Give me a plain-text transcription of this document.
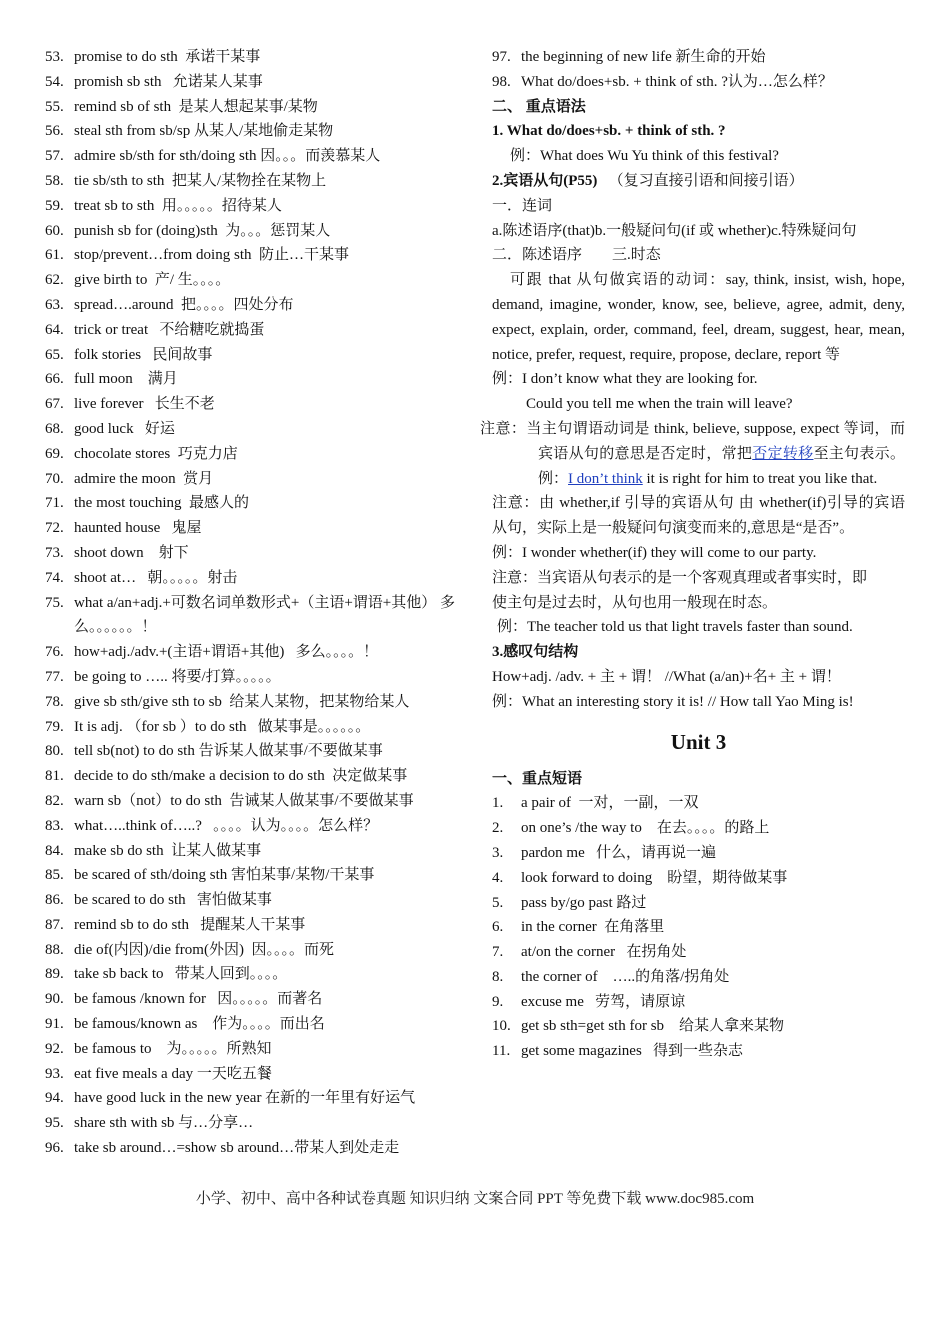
53. promise to do sth  承诺干某事
54. promish sb sth   允诺某人某事
55. remind sb of sth  是某人想起某事/某物
56. steal sth from sb/sp 从某人/某地偷走某物
57. admire sb/sth for sth/doing sth 因。。。而羡慕某人
58. tie sb/sth to sth  把某人/某物拴在某物上
59. treat sb to sth  用。。。。。招待某人
60. punish sb for (doing)sth  为。。。惩罚某人
61. stop/prevent…from doing sth  防止…干某事
62. give birth to  产/ 生。。。。
63. spread….around  把。。。。四处分布
64. trick or treat   不给糖吃就捣蛋
65. folk stories   民间故事
66. full moon    满月
67. live forever   长生不老
68. good luck   好运
69. chocolate stores  巧克力店
70. admire the moon  赏月
71. the most touching  最感人的
72. haunted house   鬼屋
73. shoot down    射下
74. shoot at…   朝。。。。。射击
75. what a/an+adj.+可数名词单数形式+（主语+谓语+其他） 多么。。。。。。！
76. how+adj./adv.+(主语+谓语+其他)   多么。。。。！
77. be going to ….. 将要/打算。。。。。
78. give sb sth/give sth to sb  给某人某物，把某物给某人
79. It is adj. （for sb ）to do sth   做某事是。。。。。。
80. tell sb(not) to do sth 告诉某人做某事/不要做某事
81. decide to do sth/make a decision to do sth  决定做某事
82. warn sb（not）to do sth  告诫某人做某事/不要做某事
83. what…..think of…..?   。。。。认为。。。。怎么样？
84. make sb do sth  让某人做某事
85. be scared of sth/doing sth 害怕某事/某物/干某事
86. be scared to do sth   害怕做某事
87. remind sb to do sth   提醒某人干某事
88. die of(内因)/die from(外因)  因。。。。而死
89. take sb back to   带某人回到。。。。
90. be famous /known for   因。。。。。而著名
91. be famous/known as    作为。。。。而出名
92. be famous to    为。。。。。所熟知
93. eat five meals a day 一天吃五餐
94. have good luck in the new year 在新的一年里有好运气
95. share sth with sb 与…分享…
96. take sb around…=show sb around…带某人到处走走
97. the beginning of new life 新生命的开始
98. What do/does+sb. + think of sth. ?认为…怎么样？
二、 重点语法
1. What do/does+sb. + think of sth. ?
例：What does Wu Yu think of this festival?
2.宾语从句(P55) （复习直接引语和间接引语）
一．连词
a.陈述语序(that)b.一般疑问句(if 或 whether)c.特殊疑问句
二．陈述语序        三.时态
可跟 that 从句做宾语的动词：say, think, insist, wish, hope, demand, imagine, wonder, know, see, believe, agree, admit, deny, expect, explain, order, command, feel, dream, suggest, hear, mean, notice, prefer, request, require, propose, declare, report 等
例：I don’t know what they are looking for.
Could you tell me when the train will leave?
注意：当主句谓语动词是 think, believe, suppose, expect 等词，而宾语从句的意思是否定时，常把否定转移至主句表示。例：I don’t think it is right for him to treat you like that.
注意：由 whether,if 引导的宾语从句 由 whether(if)引导的宾语从句，实际上是一般疑问句演变而来的,意思是“是否”。
例：I wonder whether(if) they will come to our party.
注意：当宾语从句表示的是一个客观真理或者事实时，即
使主句是过去时，从句也用一般现在时态。
例：The teacher told us that light travels faster than sound.
3.感叹句结构
How+adj. /adv. + 主 + 谓！ //What (a/an)+名+ 主 + 谓！
例：What an interesting story it is! // How tall Yao Ming is!
Unit 3
一、重点短语
1.	a pair of  一对，一副，一双
2.	on one’s /the way to    在去。。。。的路上
3.	pardon me   什么，请再说一遍
4.	look forward to doing    盼望，期待做某事
5.	pass by/go past 路过
6.	in the corner  在角落里
7.	at/on the corner   在拐角处
8.	the corner of    …..的角落/拐角处
9.	excuse me   劳驾，请原谅
10. get sb sth=get sth for sb    给某人拿来某物
11. get some magazines   得到一些杂志
小学、初中、高中各种试卷真题 知识归纳 文案合同 PPT 等免费下载 www.doc985.com
